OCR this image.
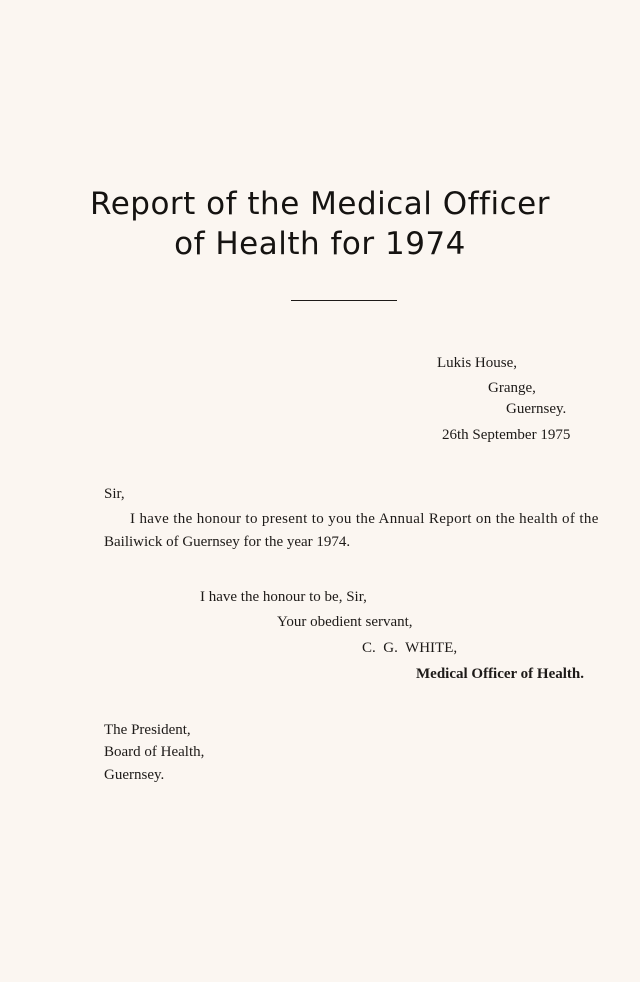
Report of the Medical Officer
of Health for 1974
Lukis House,
Grange,
Guernsey.
26th September 1975
Sir,
I have the honour to present to you the Annual Report on the health of the
Bailiwick of Guernsey for the year 1974.
I have the honour to be, Sir,
Your obedient servant,
C.  G.  WHITE,
Medical Officer of Health.
The President,
Board of Health,
Guernsey.
